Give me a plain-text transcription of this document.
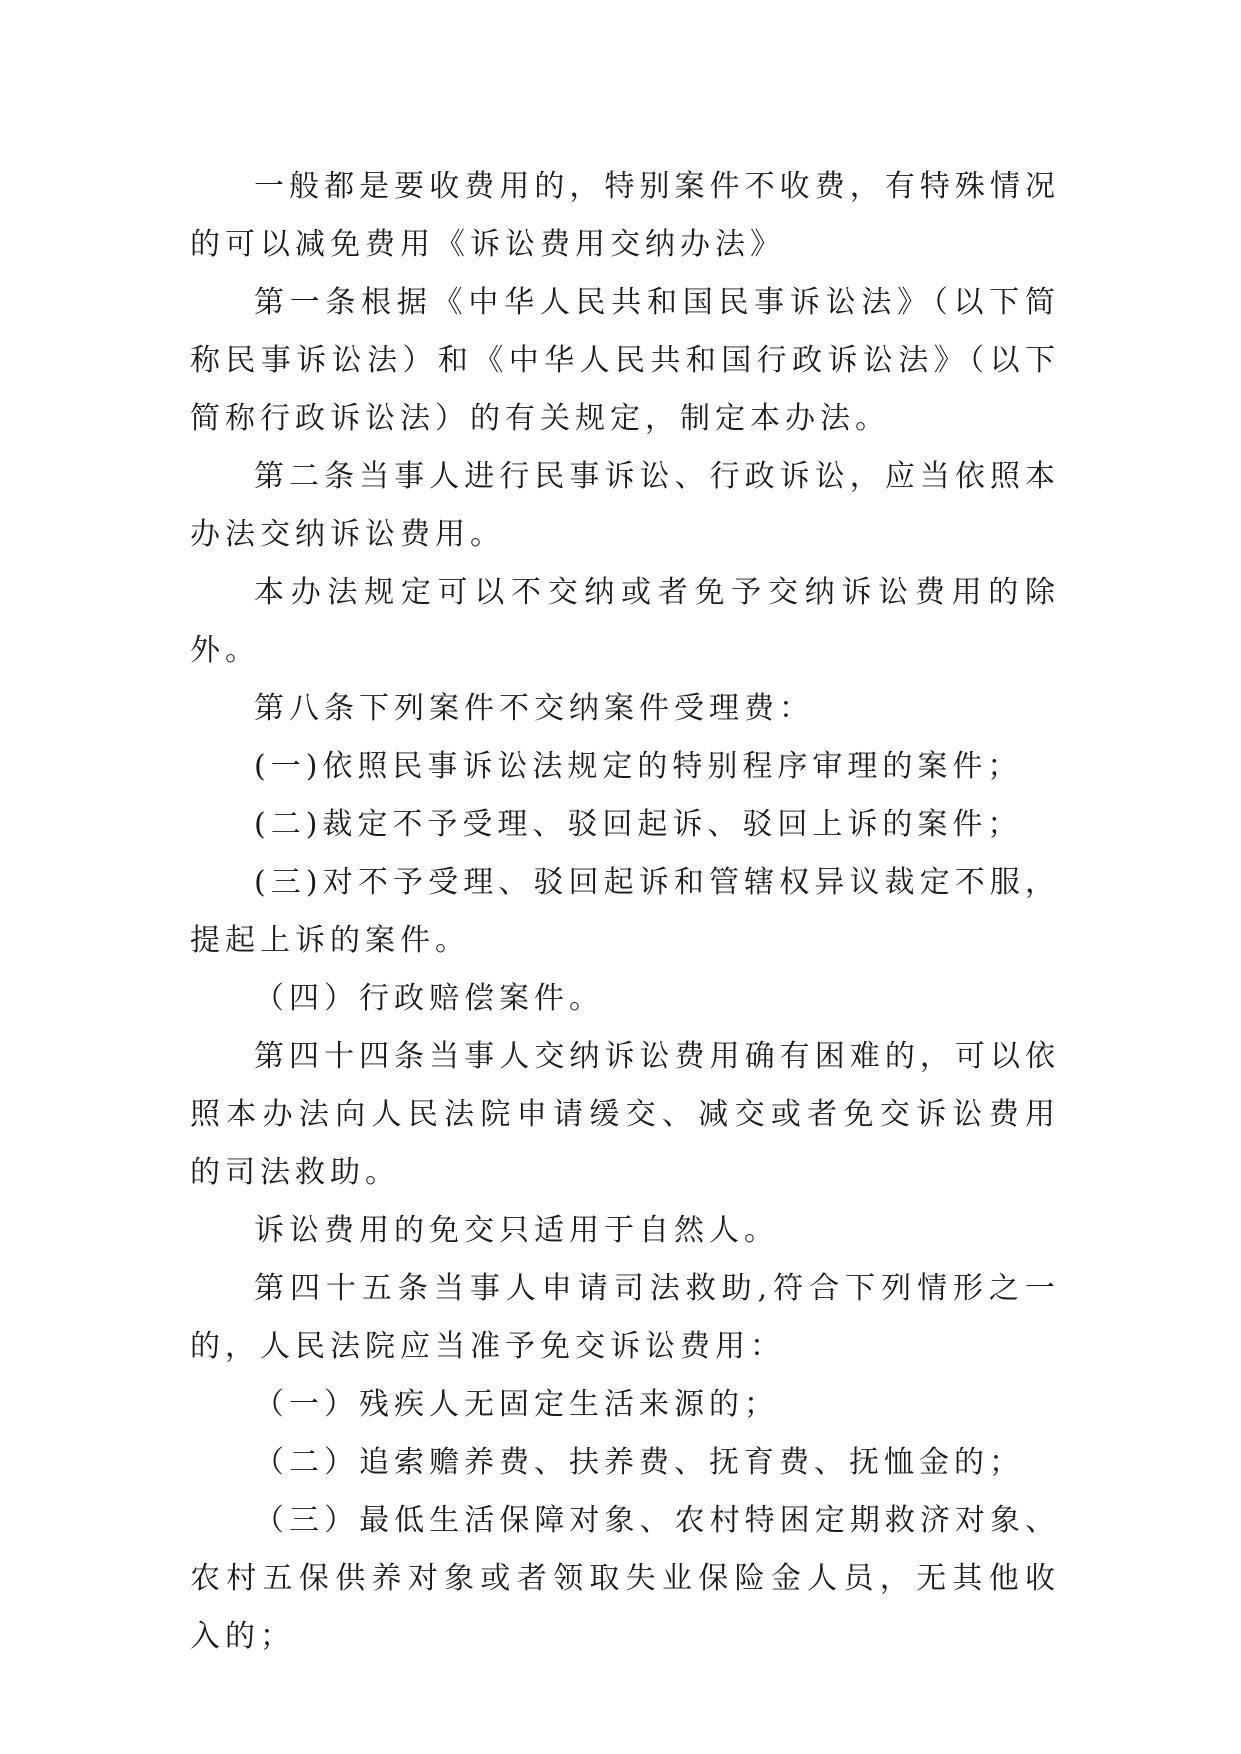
一般都是要收费用的，特别案件不收费，有特殊情况的可以减免费用《诉讼费用交纳办法》

第一条根据《中华人民共和国民事诉讼法》（以下简称民事诉讼法）和《中华人民共和国行政诉讼法》（以下简称行政诉讼法）的有关规定，制定本办法。

第二条当事人进行民事诉讼、行政诉讼，应当依照本办法交纳诉讼费用。

本办法规定可以不交纳或者免予交纳诉讼费用的除外。

第八条下列案件不交纳案件受理费：

(一)依照民事诉讼法规定的特别程序审理的案件；

(二)裁定不予受理、驳回起诉、驳回上诉的案件；

(三)对不予受理、驳回起诉和管辖权异议裁定不服，提起上诉的案件。

（四）行政赔偿案件。

第四十四条当事人交纳诉讼费用确有困难的，可以依照本办法向人民法院申请缓交、减交或者免交诉讼费用的司法救助。

诉讼费用的免交只适用于自然人。

第四十五条当事人申请司法救助,符合下列情形之一的，人民法院应当准予免交诉讼费用：

（一）残疾人无固定生活来源的；

（二）追索赡养费、扶养费、抚育费、抚恤金的；

（三）最低生活保障对象、农村特困定期救济对象、农村五保供养对象或者领取失业保险金人员，无其他收入的；
